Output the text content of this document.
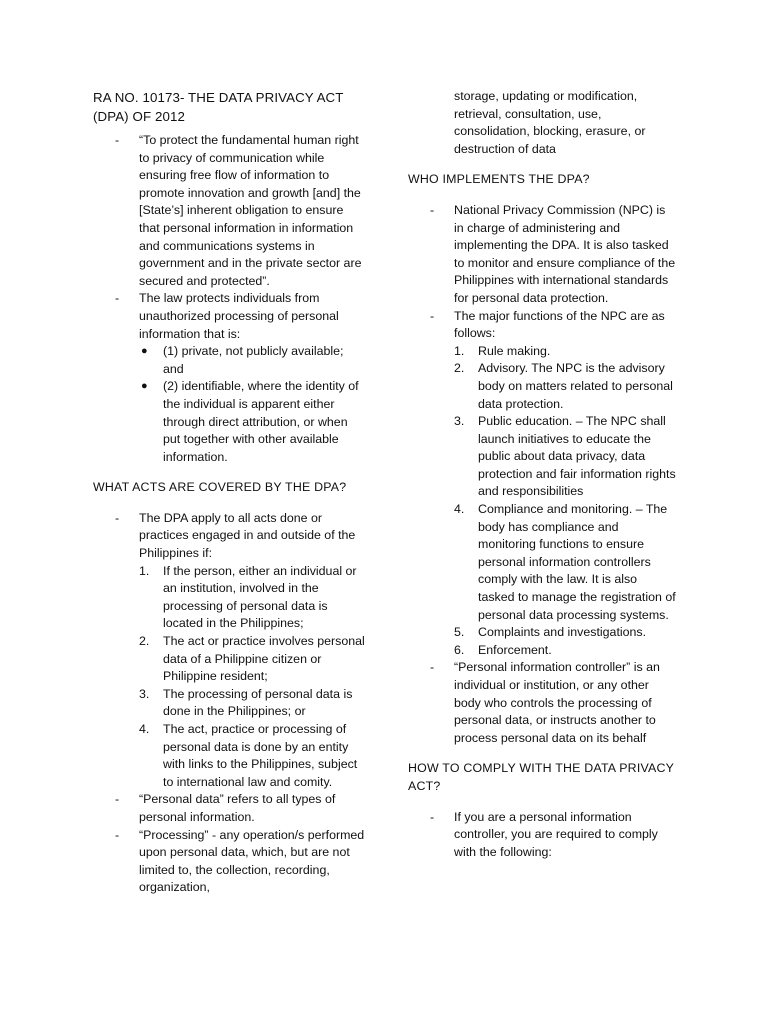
RA NO. 10173- THE DATA PRIVACY ACT (DPA) OF 2012
- “To protect the fundamental human right to privacy of communication while ensuring free flow of information to promote innovation and growth [and] the [State’s] inherent obligation to ensure that personal information in information and communications systems in government and in the private sector are secured and protected”.
- The law protects individuals from unauthorized processing of personal information that is:
● (1) private, not publicly available; and
● (2) identifiable, where the identity of the individual is apparent either through direct attribution, or when put together with other available information.
WHAT ACTS ARE COVERED BY THE DPA?
- The DPA apply to all acts done or practices engaged in and outside of the Philippines if:
1. If the person, either an individual or an institution, involved in the processing of personal data is located in the Philippines;
2. The act or practice involves personal data of a Philippine citizen or Philippine resident;
3. The processing of personal data is done in the Philippines; or
4. The act, practice or processing of personal data is done by an entity with links to the Philippines, subject to international law and comity.
- “Personal data” refers to all types of personal information.
- “Processing” - any operation/s performed upon personal data, which, but are not limited to, the collection, recording, organization,
storage, updating or modification, retrieval, consultation, use, consolidation, blocking, erasure, or destruction of data
WHO IMPLEMENTS THE DPA?
- National Privacy Commission (NPC) is in charge of administering and implementing the DPA. It is also tasked to monitor and ensure compliance of the Philippines with international standards for personal data protection.
- The major functions of the NPC are as follows:
1. Rule making.
2. Advisory. The NPC is the advisory body on matters related to personal data protection.
3. Public education. – The NPC shall launch initiatives to educate the public about data privacy, data protection and fair information rights and responsibilities
4. Compliance and monitoring. – The body has compliance and monitoring functions to ensure personal information controllers comply with the law. It is also tasked to manage the registration of personal data processing systems.
5. Complaints and investigations.
6. Enforcement.
- “Personal information controller” is an individual or institution, or any other body who controls the processing of personal data, or instructs another to process personal data on its behalf
HOW TO COMPLY WITH THE DATA PRIVACY ACT?
- If you are a personal information controller, you are required to comply with the following:
